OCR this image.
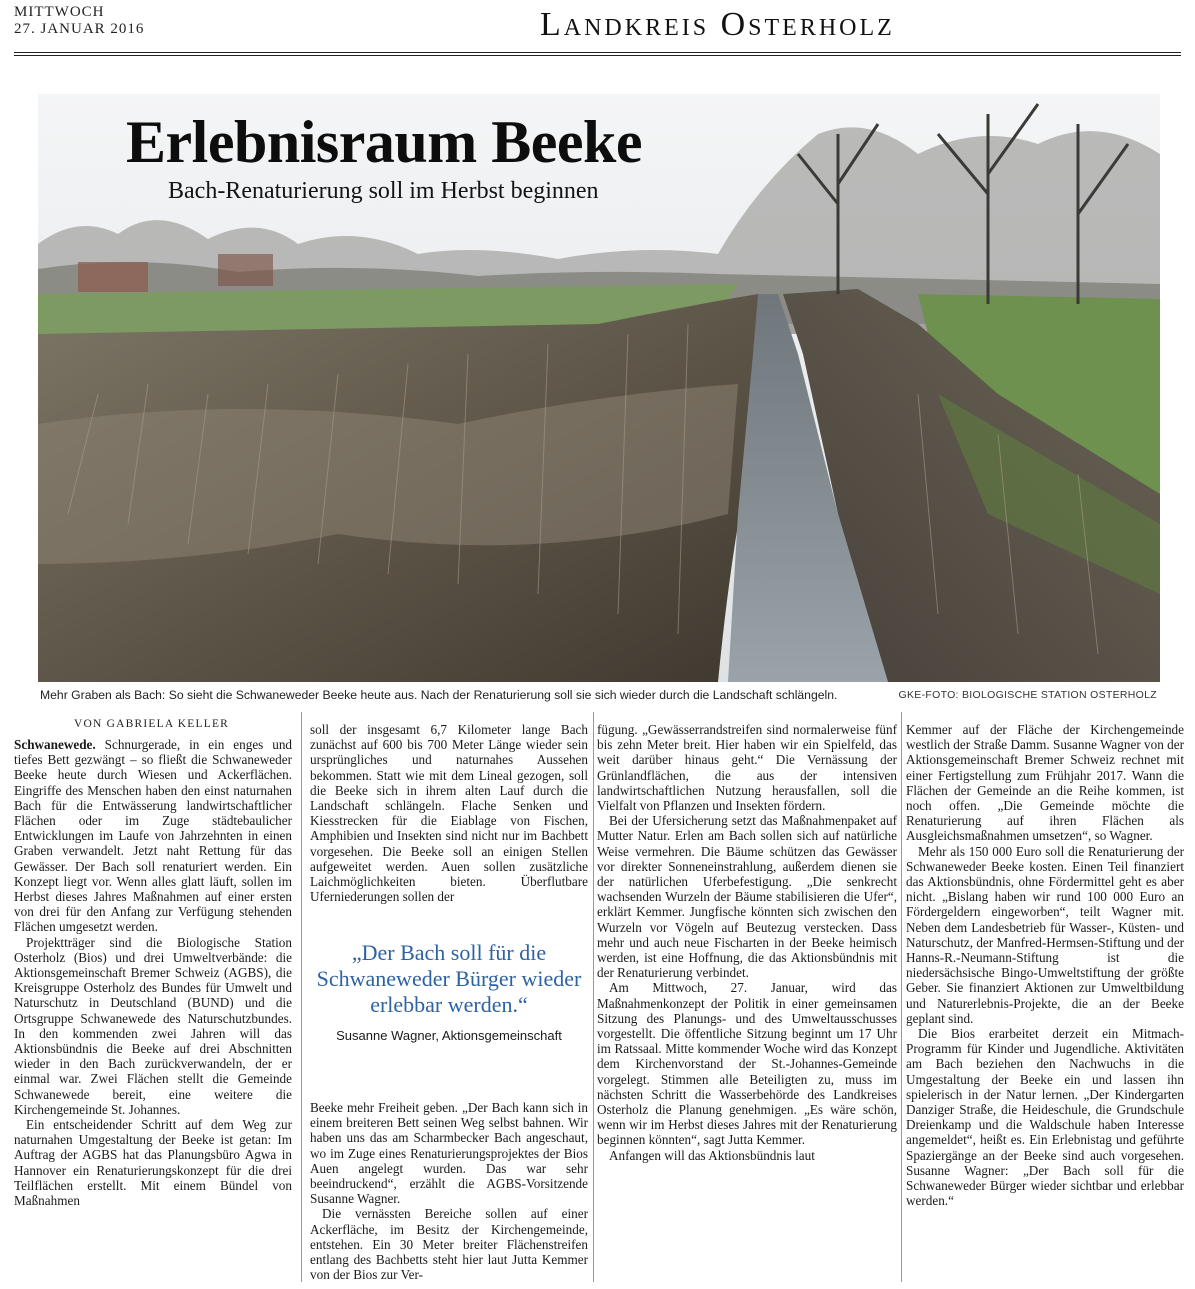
MITTWOCH
27. JANUAR 2016	Landkreis Osterholz
Erlebnisraum Beeke
Bach-Renaturierung soll im Herbst beginnen
Mehr Graben als Bach: So sieht die Schwaneweder Beeke heute aus. Nach der Renaturierung soll sie sich wieder durch die Landschaft schlängeln.	GKE-FOTO: BIOLOGISCHE STATION OSTERHOLZ
VON GABRIELA KELLER

Schwanewede. Schnurgerade, in ein enges und tiefes Bett gezwängt – so fließt die Schwaneweder Beeke heute durch Wiesen und Ackerflächen. Eingriffe des Menschen haben den einst naturnahen Bach für die Entwässerung landwirtschaftlicher Flächen oder im Zuge städtebaulicher Entwicklungen im Laufe von Jahrzehnten in einen Graben verwandelt. Jetzt naht Rettung für das Gewässer. Der Bach soll renaturiert werden. Ein Konzept liegt vor. Wenn alles glatt läuft, sollen im Herbst dieses Jahres Maßnahmen auf einer ersten von drei für den Anfang zur Verfügung stehenden Flächen umgesetzt werden.

Projektträger sind die Biologische Station Osterholz (Bios) und drei Umweltverbände: die Aktionsgemeinschaft Bremer Schweiz (AGBS), die Kreisgruppe Osterholz des Bundes für Umwelt und Naturschutz in Deutschland (BUND) und die Ortsgruppe Schwanewede des Naturschutzbundes. In den kommenden zwei Jahren will das Aktionsbündnis die Beeke auf drei Abschnitten wieder in den Bach zurückverwandeln, der er einmal war. Zwei Flächen stellt die Gemeinde Schwanewede bereit, eine weitere die Kirchengemeinde St. Johannes.

Ein entscheidender Schritt auf dem Weg zur naturnahen Umgestaltung der Beeke ist getan: Im Auftrag der AGBS hat das Planungsbüro Agwa in Hannover ein Renaturierungskonzept für die drei Teilflächen erstellt. Mit einem Bündel von Maßnahmen

soll der insgesamt 6,7 Kilometer lange Bach zunächst auf 600 bis 700 Meter Länge wieder sein ursprüngliches und naturnahes Aussehen bekommen. Statt wie mit dem Lineal gezogen, soll die Beeke sich in ihrem alten Lauf durch die Landschaft schlängeln. Flache Senken und Kiesstrecken für die Eiablage von Fischen, Amphibien und Insekten sind nicht nur im Bachbett vorgesehen. Die Beeke soll an einigen Stellen aufgeweitet werden. Auen sollen zusätzliche Laichmöglichkeiten bieten. Überflutbare Uferniederungen sollen der

„Der Bach soll für die Schwaneweder Bürger wieder erlebbar werden.“
Susanne Wagner, Aktionsgemeinschaft

Beeke mehr Freiheit geben. „Der Bach kann sich in einem breiteren Bett seinen Weg selbst bahnen. Wir haben uns das am Scharmbecker Bach angeschaut, wo im Zuge eines Renaturierungsprojektes der Bios Auen angelegt wurden. Das war sehr beeindruckend“, erzählt die AGBS-Vorsitzende Susanne Wagner.

Die vernässten Bereiche sollen auf einer Ackerfläche, im Besitz der Kirchengemeinde, entstehen. Ein 30 Meter breiter Flächenstreifen entlang des Bachbetts steht hier laut Jutta Kemmer von der Bios zur Ver-

fügung. „Gewässerrandstreifen sind normalerweise fünf bis zehn Meter breit. Hier haben wir ein Spielfeld, das weit darüber hinaus geht.“ Die Vernässung der Grünlandflächen, die aus der intensiven landwirtschaftlichen Nutzung herausfallen, soll die Vielfalt von Pflanzen und Insekten fördern.

Bei der Ufersicherung setzt das Maßnahmenpaket auf Mutter Natur. Erlen am Bach sollen sich auf natürliche Weise vermehren. Die Bäume schützen das Gewässer vor direkter Sonneneinstrahlung, außerdem dienen sie der natürlichen Uferbefestigung. „Die senkrecht wachsenden Wurzeln der Bäume stabilisieren die Ufer“, erklärt Kemmer. Jungfische könnten sich zwischen den Wurzeln vor Vögeln auf Beutezug verstecken. Dass mehr und auch neue Fischarten in der Beeke heimisch werden, ist eine Hoffnung, die das Aktionsbündnis mit der Renaturierung verbindet.

Am Mittwoch, 27. Januar, wird das Maßnahmenkonzept der Politik in einer gemeinsamen Sitzung des Planungs- und des Umweltausschusses vorgestellt. Die öffentliche Sitzung beginnt um 17 Uhr im Ratssaal. Mitte kommender Woche wird das Konzept dem Kirchenvorstand der St.-Johannes-Gemeinde vorgelegt. Stimmen alle Beteiligten zu, muss im nächsten Schritt die Wasserbehörde des Landkreises Osterholz die Planung genehmigen. „Es wäre schön, wenn wir im Herbst dieses Jahres mit der Renaturierung beginnen könnten“, sagt Jutta Kemmer.

Anfangen will das Aktionsbündnis laut

Kemmer auf der Fläche der Kirchengemeinde westlich der Straße Damm. Susanne Wagner von der Aktionsgemeinschaft Bremer Schweiz rechnet mit einer Fertigstellung zum Frühjahr 2017. Wann die Flächen der Gemeinde an die Reihe kommen, ist noch offen. „Die Gemeinde möchte die Renaturierung auf ihren Flächen als Ausgleichsmaßnahmen umsetzen“, so Wagner.

Mehr als 150 000 Euro soll die Renaturierung der Schwaneweder Beeke kosten. Einen Teil finanziert das Aktionsbündnis, ohne Fördermittel geht es aber nicht. „Bislang haben wir rund 100 000 Euro an Fördergeldern eingeworben“, teilt Wagner mit. Neben dem Landesbetrieb für Wasser-, Küsten- und Naturschutz, der Manfred-Hermsen-Stiftung und der Hanns-R.-Neumann-Stiftung ist die niedersächsische Bingo-Umweltstiftung der größte Geber. Sie finanziert Aktionen zur Umweltbildung und Naturerlebnis-Projekte, die an der Beeke geplant sind.

Die Bios erarbeitet derzeit ein Mitmach-Programm für Kinder und Jugendliche. Aktivitäten am Bach beziehen den Nachwuchs in die Umgestaltung der Beeke ein und lassen ihn spielerisch in der Natur lernen. „Der Kindergarten Danziger Straße, die Heideschule, die Grundschule Dreienkamp und die Waldschule haben Interesse angemeldet“, heißt es. Ein Erlebnistag und geführte Spaziergänge an der Beeke sind auch vorgesehen. Susanne Wagner: „Der Bach soll für die Schwaneweder Bürger wieder sichtbar und erlebbar werden.“
